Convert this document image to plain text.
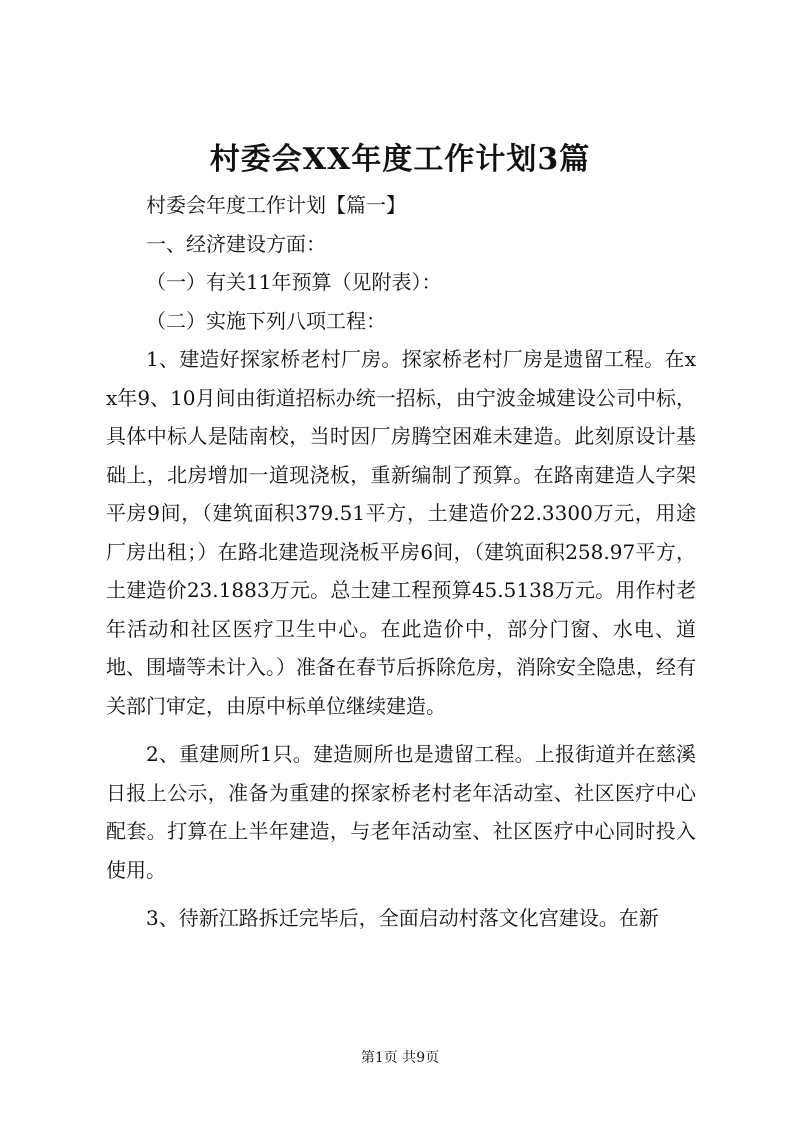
村委会XX年度工作计划3篇

村委会年度工作计划【篇一】

一、经济建设方面：

（一）有关11年预算（见附表）：

（二）实施下列八项工程：

1、建造好探家桥老村厂房。探家桥老村厂房是遗留工程。在xx年9、10月间由街道招标办统一招标，由宁波金城建设公司中标，具体中标人是陆南校，当时因厂房腾空困难未建造。此刻原设计基础上，北房增加一道现浇板，重新编制了预算。在路南建造人字架平房9间，（建筑面积379.51平方，土建造价22.3300万元，用途厂房出租；）在路北建造现浇板平房6间，（建筑面积258.97平方，土建造价23.1883万元。总土建工程预算45.5138万元。用作村老年活动和社区医疗卫生中心。在此造价中，部分门窗、水电、道地、围墙等未计入。）准备在春节后拆除危房，消除安全隐患，经有关部门审定，由原中标单位继续建造。

2、重建厕所1只。建造厕所也是遗留工程。上报街道并在慈溪日报上公示，准备为重建的探家桥老村老年活动室、社区医疗中心配套。打算在上半年建造，与老年活动室、社区医疗中心同时投入使用。

3、待新江路拆迁完毕后，全面启动村落文化宫建设。在新

第1页 共9页
